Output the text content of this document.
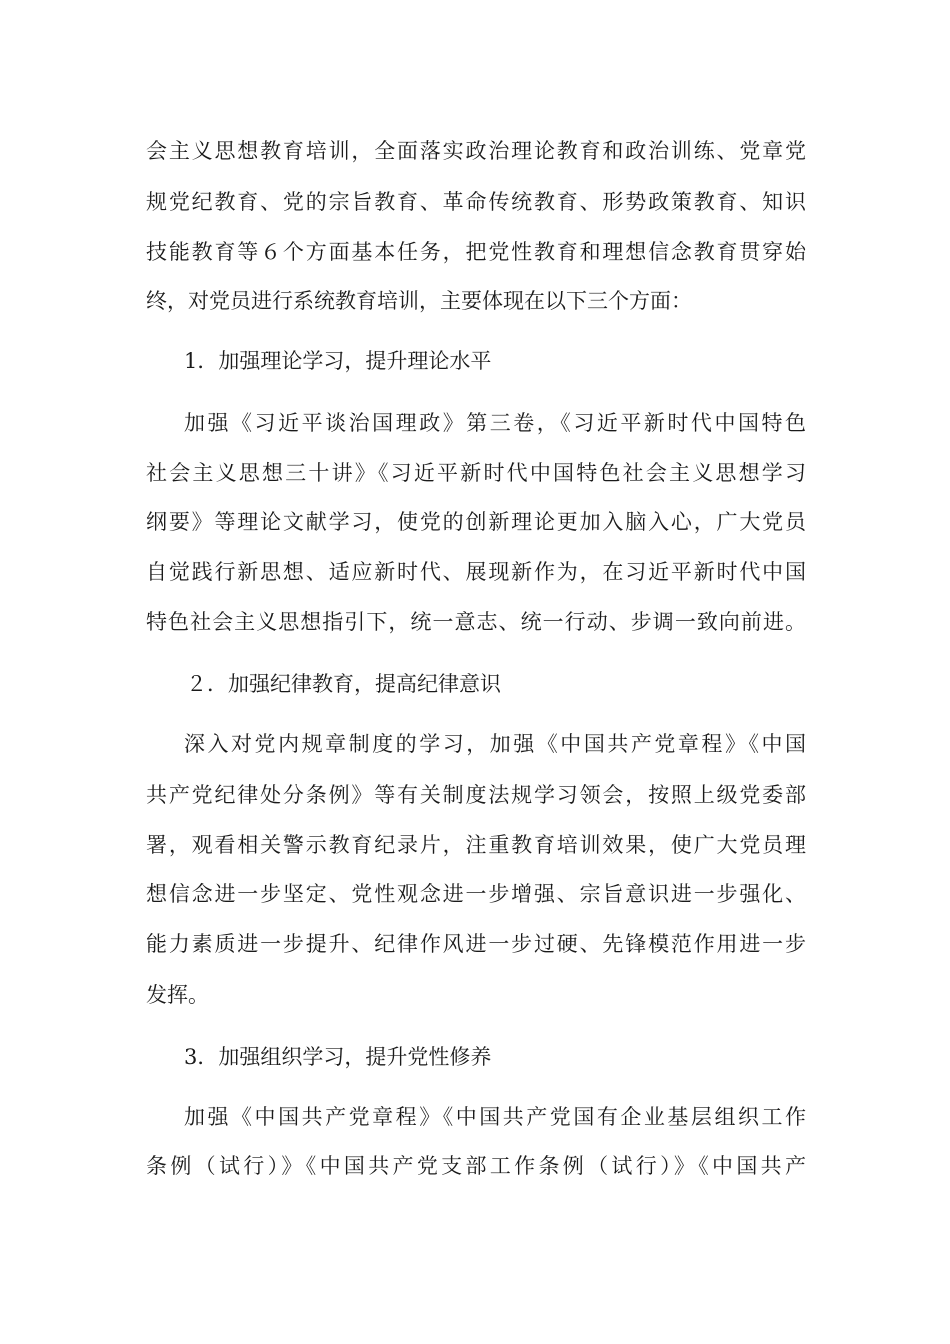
会主义思想教育培训，全面落实政治理论教育和政治训练、党章党
规党纪教育、党的宗旨教育、革命传统教育、形势政策教育、知识
技能教育等６个方面基本任务，把党性教育和理想信念教育贯穿始
终，对党员进行系统教育培训，主要体现在以下三个方面：
1．加强理论学习，提升理论水平
加强《习近平谈治国理政》第三卷，《习近平新时代中国特色
社会主义思想三十讲》《习近平新时代中国特色社会主义思想学习
纲要》等理论文献学习，使党的创新理论更加入脑入心，广大党员
自觉践行新思想、适应新时代、展现新作为，在习近平新时代中国
特色社会主义思想指引下，统一意志、统一行动、步调一致向前进。
２．加强纪律教育，提高纪律意识
深入对党内规章制度的学习，加强《中国共产党章程》《中国
共产党纪律处分条例》等有关制度法规学习领会，按照上级党委部
署，观看相关警示教育纪录片，注重教育培训效果，使广大党员理
想信念进一步坚定、党性观念进一步增强、宗旨意识进一步强化、
能力素质进一步提升、纪律作风进一步过硬、先锋模范作用进一步
发挥。
3．加强组织学习，提升党性修养
加强《中国共产党章程》《中国共产党国有企业基层组织工作
条例（试行）》《中国共产党支部工作条例（试行）》《中国共产
